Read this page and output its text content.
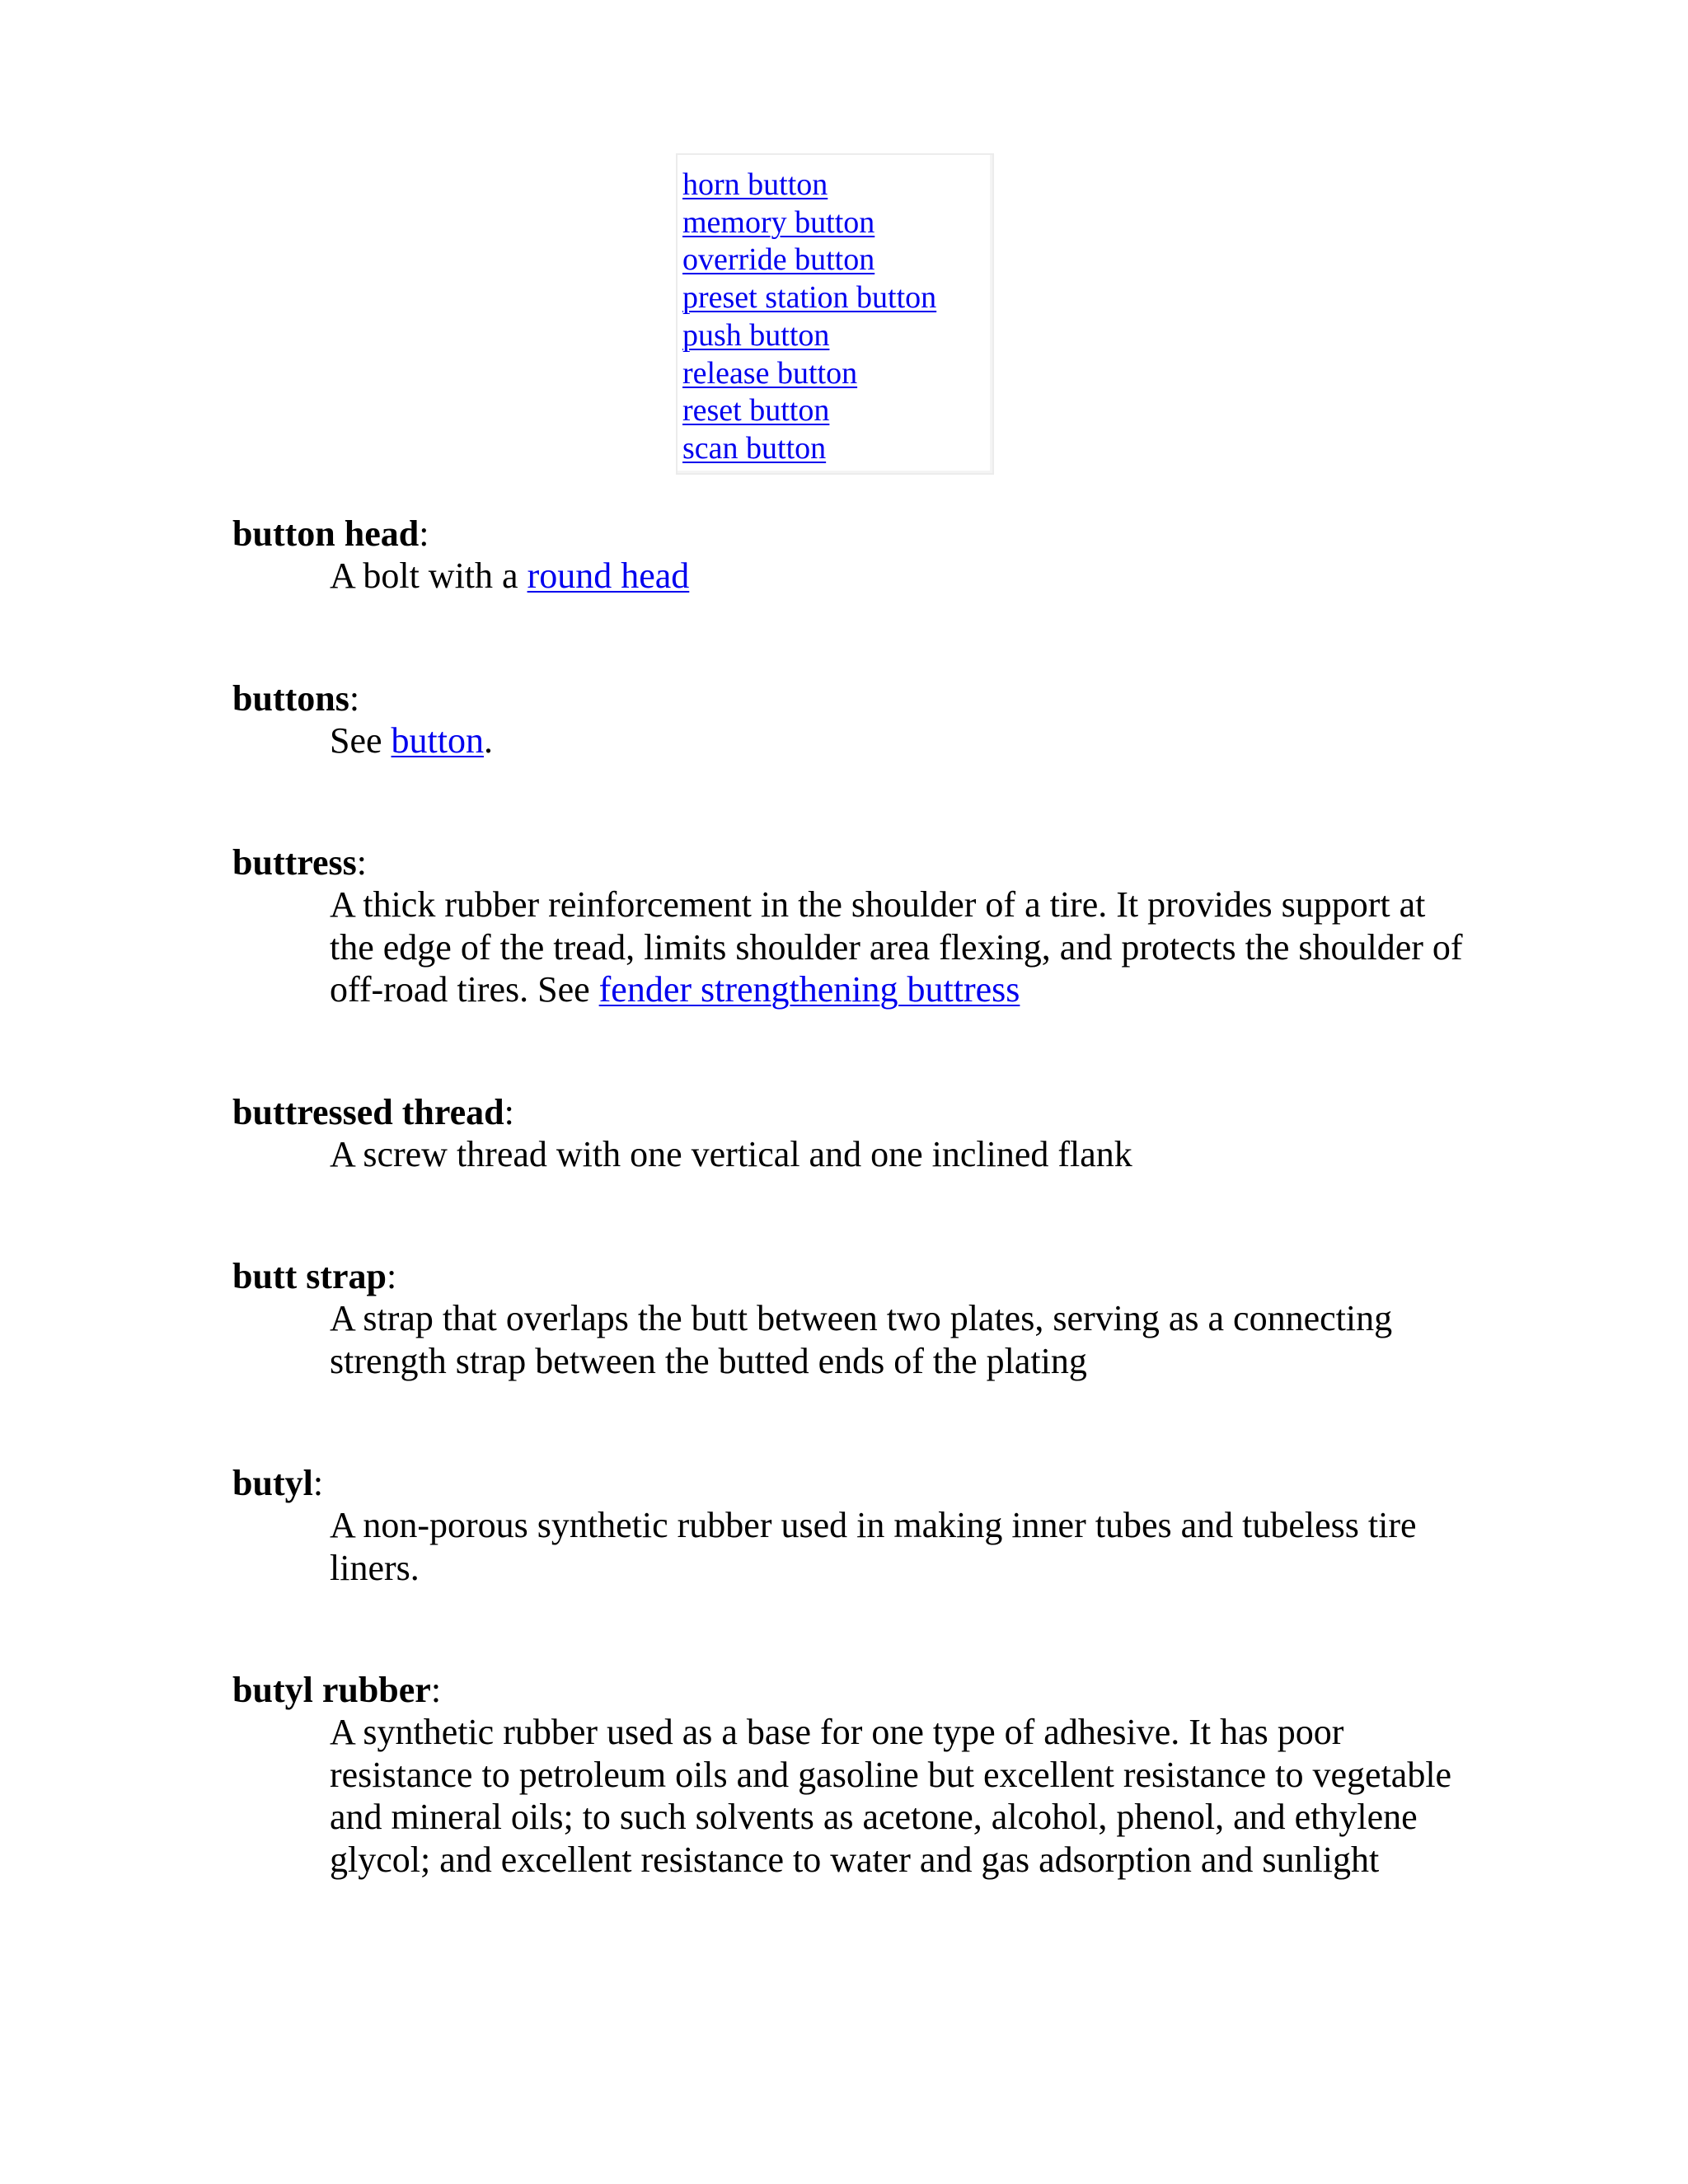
horn button
memory button
override button
preset station button
push button
release button
reset button
scan button

button head:

A bolt with a round head

buttons:

See button.

buttress:

A thick rubber reinforcement in the shoulder of a tire. It provides support at the edge of the tread, limits shoulder area flexing, and protects the shoulder of off-road tires. See fender strengthening buttress

buttressed thread:

A screw thread with one vertical and one inclined flank

butt strap:

A strap that overlaps the butt between two plates, serving as a connecting strength strap between the butted ends of the plating

butyl:

A non-porous synthetic rubber used in making inner tubes and tubeless tire liners.

butyl rubber:

A synthetic rubber used as a base for one type of adhesive. It has poor resistance to petroleum oils and gasoline but excellent resistance to vegetable and mineral oils; to such solvents as acetone, alcohol, phenol, and ethylene glycol; and excellent resistance to water and gas adsorption and sunlight
